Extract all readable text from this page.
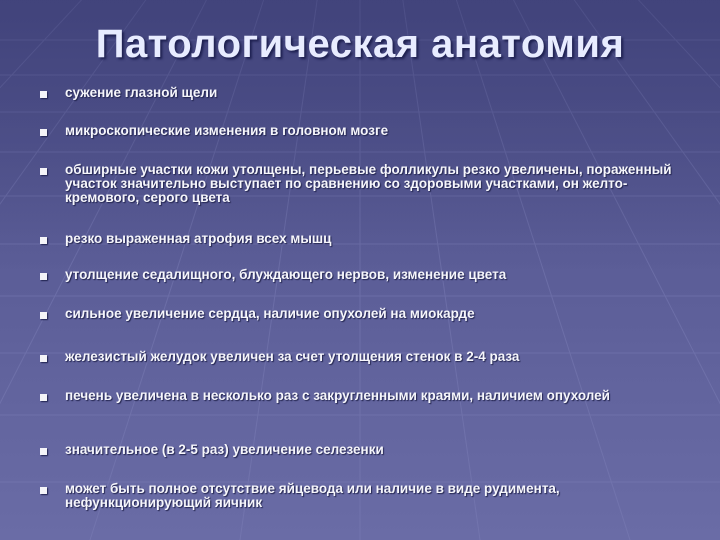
Патологическая анатомия
сужение глазной щели
микроскопические изменения в головном мозге
обширные участки кожи утолщены, перьевые фолликулы резко увеличены, пораженный участок значительно выступает по сравнению со здоровыми участками, он желто-кремового, серого цвета
резко выраженная атрофия всех мышц
утолщение седалищного, блуждающего нервов, изменение цвета
сильное увеличение сердца, наличие опухолей на миокарде
железистый желудок увеличен за счет утолщения стенок в 2-4 раза
печень увеличена в несколько раз с закругленными краями, наличием опухолей
значительное (в 2-5 раз) увеличение селезенки
может быть полное отсутствие яйцевода или наличие в виде рудимента, нефункционирующий яичник
